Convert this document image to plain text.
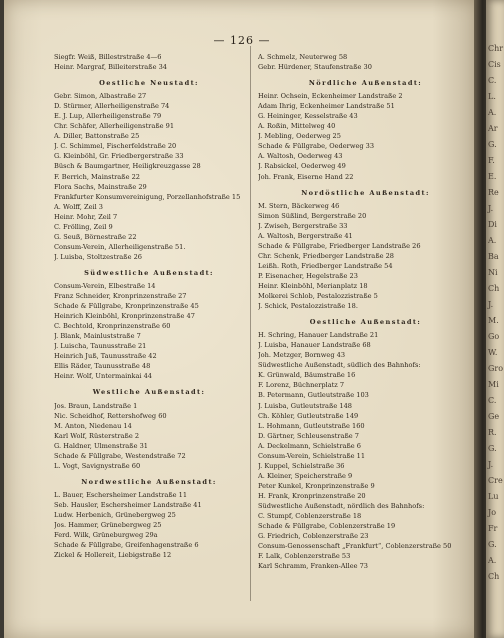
— 126 —
Siegfr. Weiß, Billestrstraße 4—6
Heinr. Margraf, Billeiterstraße 34
Oestliche Neustadt:
Gebr. Simon, Albastraße 27
D. Stürmer, Allerheiligenstraße 74
E. J. Lup, Allerheiligenstraße 79
Chr. Schäfer, Allerheiligenstraße 91
A. Diller, Battonstraße 25
J. C. Schimmel, Fischerfeldstraße 20
G. Kleinböhl, Gr. Friedbergerstraße 33
Büsch & Baumgartner, Heiligkreuzgasse 28
F. Berrich, Mainstraße 22
Flora Sachs, Mainstraße 29
Frankfurter Konsumvereinigung, Porzellanhofstraße 15
A. Wolff, Zeil 3
Heinr. Mohr, Zeil 7
C. Frölling, Zeil 9
G. Seuß, Börnestraße 22
Consum-Verein, Allerheiligenstraße 51.
J. Luisba, Stoltzestraße 26
Südwestliche Außenstadt:
Consum-Verein, Elbestraße 14
Franz Schneider, Kronprinzenstraße 27
Schade & Füllgrabe, Kronprinzenstraße 45
Heinrich Kleinböhl, Kronprinzenstraße 47
C. Bechtold, Kronprinzenstraße 60
J. Blank, Mainluststraße 7
J. Luischa, Taunusstraße 21
Heinrich Juß, Taunusstraße 42
Ellis Räder, Taunusstraße 48
Heinr. Wolf, Untermainkai 44
Westliche Außenstadt:
Jos. Braun, Landstraße 1
Nic. Scheidhof, Rettershofweg 60
M. Anton, Niedenau 14
Karl Wolf, Rüsterstraße 2
G. Haldner, Ulmenstraße 31
Schade & Füllgrabe, Westendstraße 72
L. Vogt, Savignystraße 60
Nordwestliche Außenstadt:
L. Bauer, Eschersheimer Landstraße 11
Seb. Hausler, Eschersheimer Landstraße 41
Ludw. Herbenich, Grünebergweg 25
Jos. Hammer, Grünebergweg 25
Ferd. Wilk, Grüneburgweg 29a
Schade & Füllgrabe, Greifenhagenstraße 6
Zickel & Hollereit, Liebigstraße 12
A. Schmelz, Neuterweg 58
Gebr. Hürdener, Staufenstraße 30
Nördliche Außenstadt:
Heinr. Ochsein, Eckenheimer Landstraße 2
Adam Ihrig, Eckenheimer Landstraße 51
G. Heininger, Kesselstraße 43
A. Roßin, Mittelweg 40
J. Mebling, Oederweg 25
Schade & Füllgrabe, Oederweg 33
A. Waltosh, Oederweg 43
J. Rabsickel, Oederweg 49
Joh. Frank, Eiserne Hand 22
Nordöstliche Außenstadt:
M. Stern, Bäckerweg 46
Simon Süßlind, Bergerstraße 20
J. Zwiseh, Bergerstraße 33
A. Waltosh, Bergerstraße 41
Schade & Füllgrabe, Friedberger Landstraße 26
Chr. Schenk, Friedberger Landstraße 28
Leißh. Roth, Friedberger Landstraße 54
P. Eisenacher, Hegelstraße 23
Heinr. Kleinböhl, Merianplatz 18
Molkerei Schlob, Pestalozzistraße 5
J. Schick, Pestalozzistraße 18.
Oestliche Außenstadt:
H. Schring, Hanauer Landstraße 21
J. Luisba, Hanauer Landstraße 68
Joh. Metzger, Bornweg 43
Südwestliche Außenstadt, südlich des Bahnhofs:
K. Grünwald, Bäumstraße 16
F. Lorenz, Büchnerplatz 7
B. Petermann, Gutleutstraße 103
J. Luisba, Gutleutstraße 148
Ch. Köhler, Gutleutstraße 149
L. Hohmann, Gutleutstraße 160
D. Gärtner, Schleusenstraße 7
A. Deckelmann, Schielstraße 6
Consum-Verein, Schielstraße 11
J. Kuppel, Schielstraße 36
A. Kleiner, Speicherstraße 9
Peter Kunkel, Kronprinzenstraße 9
H. Frank, Kronprinzenstraße 20
Südwestliche Außenstadt, nördlich des Bahnhofs:
C. Stumpf, Coblenzerstraße 18
Schade & Füllgrabe, Coblenzerstraße 19
G. Friedrich, Coblenzerstraße 23
Consum-Genossenschaft „Frankfurt“, Coblenzerstraße 50
F. Lalk, Coblenzerstraße 53
Karl Schramm, Franken-Allee 73
Chr
Cis
C.
L.
A.
Ar
G.
F.
E.
Re
J.
Di
A.
Ba
Ni
Ch
J.
M.
Go
W.
Gro
Mi
C.
Ge
R.
G.
J.
Cre
Lu
Jo
Fr
G.
A.
Ch
